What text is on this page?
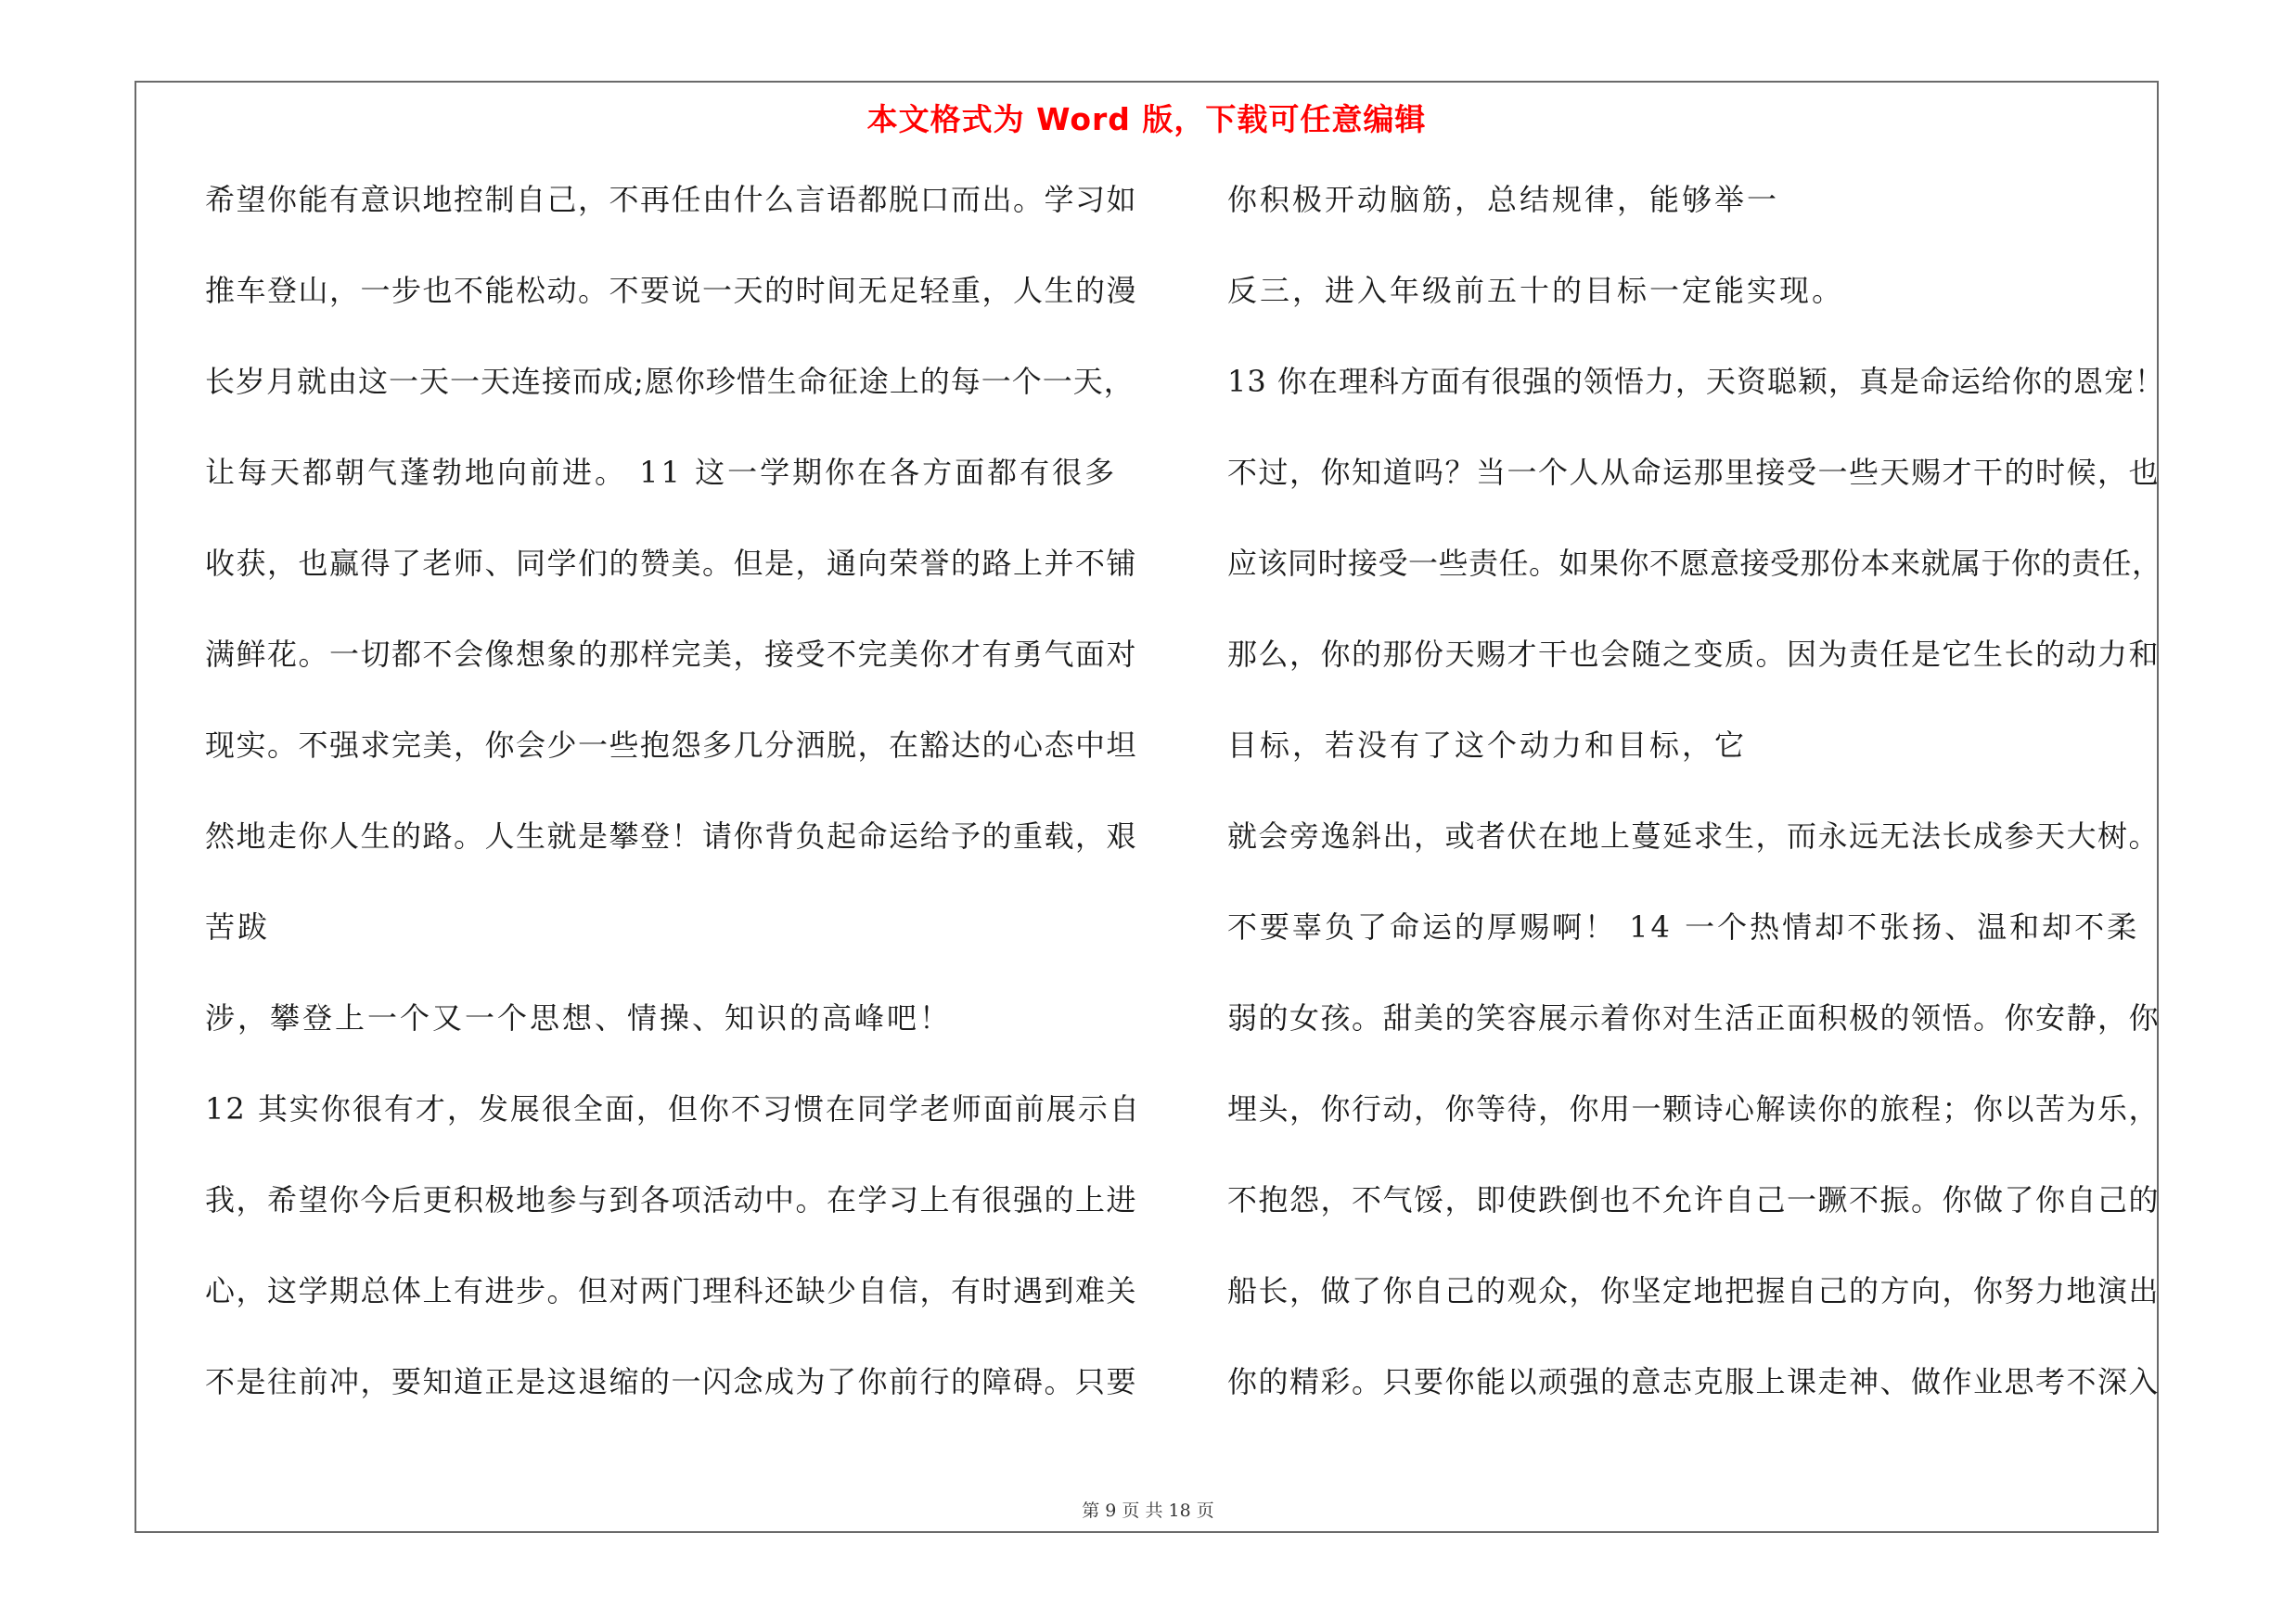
本文格式为 Word 版，下载可任意编辑
希望你能有意识地控制自己，不再任由什么言语都脱口而出。学习如
推车登山，一步也不能松动。不要说一天的时间无足轻重，人生的漫
长岁月就由这一天一天连接而成;愿你珍惜生命征途上的每一个一天，
让每天都朝气蓬勃地向前进。 11 这一学期你在各方面都有很多
收获，也赢得了老师、同学们的赞美。但是，通向荣誉的路上并不铺
满鲜花。一切都不会像想象的那样完美，接受不完美你才有勇气面对
现实。不强求完美，你会少一些抱怨多几分洒脱，在豁达的心态中坦
然地走你人生的路。人生就是攀登！请你背负起命运给予的重载，艰
苦跋
涉，攀登上一个又一个思想、情操、知识的高峰吧！
12 其实你很有才，发展很全面，但你不习惯在同学老师面前展示自
我，希望你今后更积极地参与到各项活动中。在学习上有很强的上进
心，这学期总体上有进步。但对两门理科还缺少自信，有时遇到难关
不是往前冲，要知道正是这退缩的一闪念成为了你前行的障碍。只要
你积极开动脑筋，总结规律，能够举一
反三，进入年级前五十的目标一定能实现。
13 你在理科方面有很强的领悟力，天资聪颖，真是命运给你的恩宠！
不过，你知道吗？当一个人从命运那里接受一些天赐才干的时候，也
应该同时接受一些责任。如果你不愿意接受那份本来就属于你的责任，
那么，你的那份天赐才干也会随之变质。因为责任是它生长的动力和
目标，若没有了这个动力和目标，它
就会旁逸斜出，或者伏在地上蔓延求生，而永远无法长成参天大树。
不要辜负了命运的厚赐啊！ 14 一个热情却不张扬、温和却不柔
弱的女孩。甜美的笑容展示着你对生活正面积极的领悟。你安静，你
埋头，你行动，你等待，你用一颗诗心解读你的旅程；你以苦为乐，
不抱怨，不气馁，即使跌倒也不允许自己一蹶不振。你做了你自己的
船长，做了你自己的观众，你坚定地把握自己的方向，你努力地演出
你的精彩。只要你能以顽强的意志克服上课走神、做作业思考不深入
第 9 页 共 18 页
